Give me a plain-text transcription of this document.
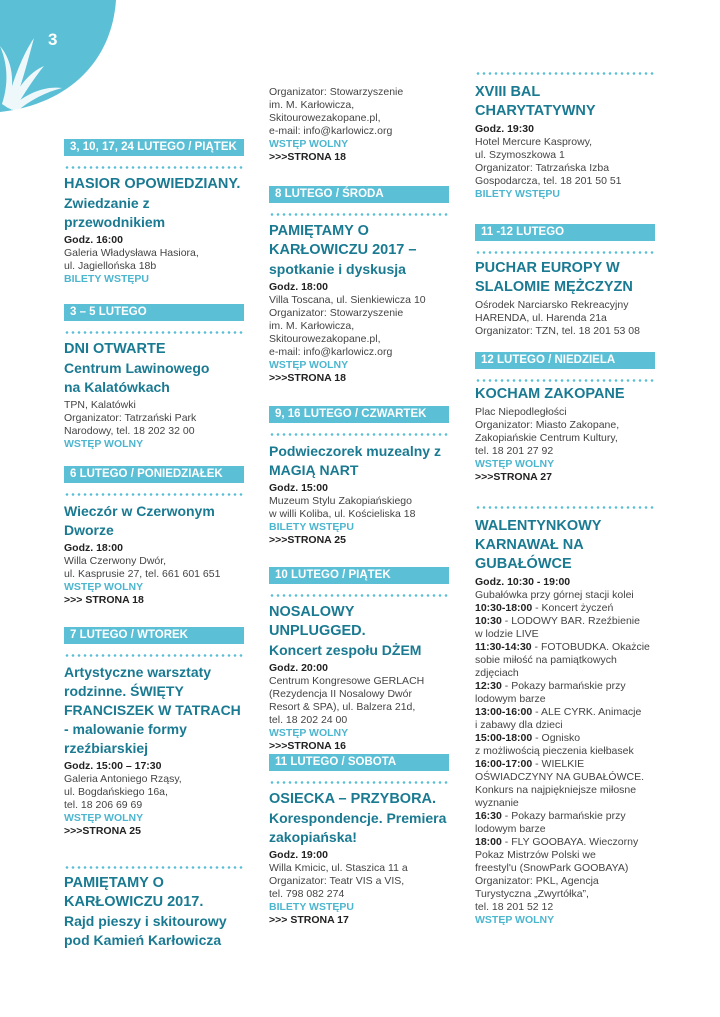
3
3, 10, 17, 24 LUTEGO / PIĄTEK
HASIOR OPOWIEDZIANY.
Zwiedzanie z przewodnikiem
Godz. 16:00
Galeria Władysława Hasiora,
ul. Jagiellońska 18b
BILETY WSTĘPU
3 – 5 LUTEGO
DNI OTWARTE
Centrum Lawinowego na Kalatówkach
TPN, Kalatówki
Organizator: Tatrzański Park
Narodowy, tel. 18 202 32 00
WSTĘP WOLNY
6 LUTEGO / PONIEDZIAŁEK
Wieczór w Czerwonym Dworze
Godz. 18:00
Willa Czerwony Dwór,
ul. Kasprusie 27, tel. 661 601 651
WSTĘP WOLNY
>>> STRONA 18
7 LUTEGO / WTOREK
Artystyczne warsztaty rodzinne. ŚWIĘTY FRANCISZEK W TATRACH - malowanie formy rzeźbiarskiej
Godz. 15:00 – 17:30
Galeria Antoniego Rząsy,
ul. Bogdańskiego 16a,
tel. 18 206 69 69
WSTĘP WOLNY
>>>STRONA 25
PAMIĘTAMY O KARŁOWICZU 2017.
Rajd pieszy i skitourowy pod Kamień Karłowicza
Organizator: Stowarzyszenie
im. M. Karłowicza,
Skitourowezakopane.pl,
e-mail: info@karlowicz.org
WSTĘP WOLNY
>>>STRONA 18
8 LUTEGO / ŚRODA
PAMIĘTAMY O KARŁOWICZU 2017 –
spotkanie i dyskusja
Godz. 18:00
Villa Toscana, ul. Sienkiewicza 10
Organizator: Stowarzyszenie
im. M. Karłowicza,
Skitourowezakopane.pl,
e-mail: info@karlowicz.org
WSTĘP WOLNY
>>>STRONA 18
9, 16 LUTEGO / CZWARTEK
Podwieczorek muzealny z MAGIĄ NART
Godz. 15:00
Muzeum Stylu Zakopiańskiego
w willi Koliba, ul. Kościeliska 18
BILETY WSTĘPU
>>>STRONA 25
10 LUTEGO / PIĄTEK
NOSALOWY UNPLUGGED.
Koncert zespołu DŻEM
Godz. 20:00
Centrum Kongresowe GERLACH
(Rezydencja II Nosalowy Dwór
Resort & SPA), ul. Balzera 21d,
tel. 18 202 24 00
WSTĘP WOLNY
>>>STRONA 16
11 LUTEGO / SOBOTA
OSIECKA – PRZYBORA.
Korespondencje. Premiera zakopiańska!
Godz. 19:00
Willa Kmicic, ul. Staszica 11 a
Organizator: Teatr VIS a VIS,
tel. 798 082 274
BILETY WSTĘPU
>>> STRONA 17
XVIII BAL CHARYTATYWNY
Godz. 19:30
Hotel Mercure Kasprowy,
ul. Szymoszkowa 1
Organizator: Tatrzańska Izba
Gospodarcza, tel. 18 201 50 51
BILETY WSTĘPU
11 -12 LUTEGO
PUCHAR EUROPY W SLALOMIE MĘŻCZYZN
Ośrodek Narciarsko Rekreacyjny
HARENDA, ul. Harenda 21a
Organizator: TZN, tel. 18 201 53 08
12 LUTEGO / NIEDZIELA
KOCHAM ZAKOPANE
Plac Niepodległości
Organizator: Miasto Zakopane,
Zakopiańskie Centrum Kultury,
tel. 18 201 27 92
WSTĘP WOLNY
>>>STRONA 27
WALENTYNKOWY KARNAWAŁ NA GUBAŁÓWCE
Godz. 10:30 - 19:00
Gubałówka przy górnej stacji kolei
10:30-18:00 - Koncert życzeń
10:30 - LODOWY BAR. Rzeźbienie
w lodzie LIVE
11:30-14:30 - FOTOBUDKA. Okażcie
sobie miłość na pamiątkowych
zdjęciach
12:30 - Pokazy barmańskie przy
lodowym barze
13:00-16:00 - ALE CYRK. Animacje
i zabawy dla dzieci
15:00-18:00 - Ognisko
z możliwością pieczenia kiełbasek
16:00-17:00 - WIELKIE
OŚWIADCZYNY NA GUBAŁÓWCE.
Konkurs na najpiękniejsze miłosne
wyznanie
16:30 - Pokazy barmańskie przy
lodowym barze
18:00 - FLY GOOBAYA. Wieczorny
Pokaz Mistrzów Polski we
freestyl'u (SnowPark GOOBAYA)
Organizator: PKL, Agencja
Turystyczna „Zwyrtółka”,
tel. 18 201 52 12
WSTĘP WOLNY
